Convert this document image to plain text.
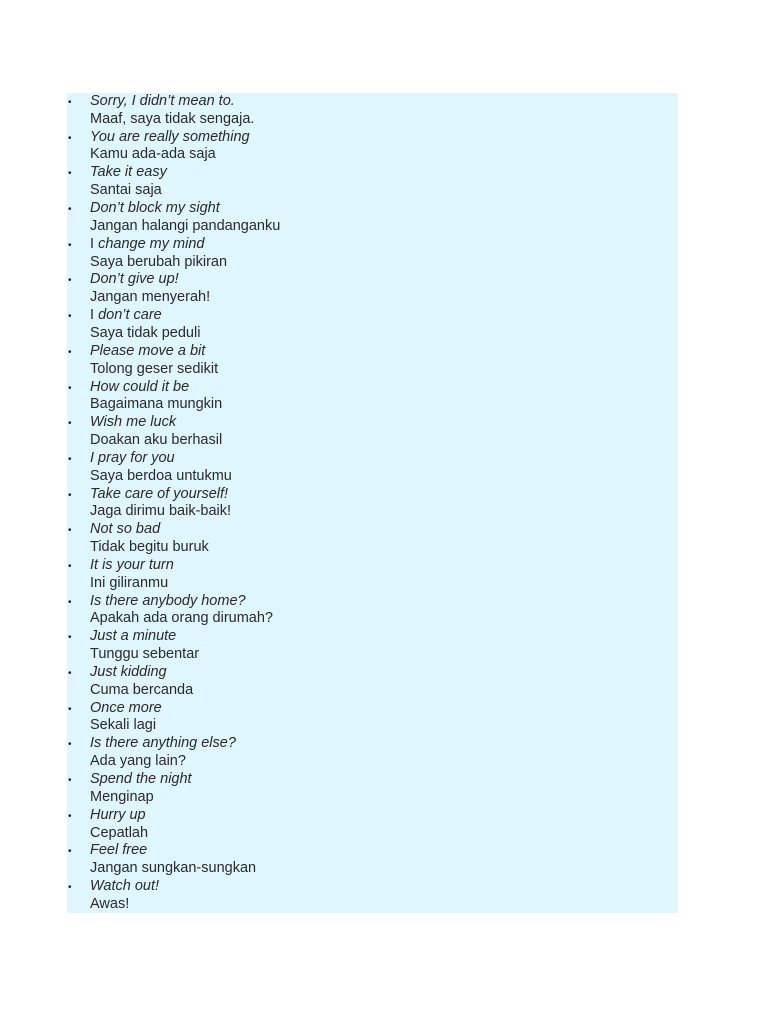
• Sorry, I didn’t mean to.
Maaf, saya tidak sengaja.
• You are really something
Kamu ada-ada saja
• Take it easy
Santai saja
• Don’t block my sight
Jangan halangi pandanganku
• I change my mind
Saya berubah pikiran
• Don’t give up!
Jangan menyerah!
• I don’t care
Saya tidak peduli
• Please move a bit
Tolong geser sedikit
• How could it be
Bagaimana mungkin
• Wish me luck
Doakan aku berhasil
• I pray for you
Saya berdoa untukmu
• Take care of yourself!
Jaga dirimu baik-baik!
• Not so bad
Tidak begitu buruk
• It is your turn
Ini giliranmu
• Is there anybody home?
Apakah ada orang dirumah?
• Just a minute
Tunggu sebentar
• Just kidding
Cuma bercanda
• Once more
Sekali lagi
• Is there anything else?
Ada yang lain?
• Spend the night
Menginap
• Hurry up
Cepatlah
• Feel free
Jangan sungkan-sungkan
• Watch out!
Awas!
